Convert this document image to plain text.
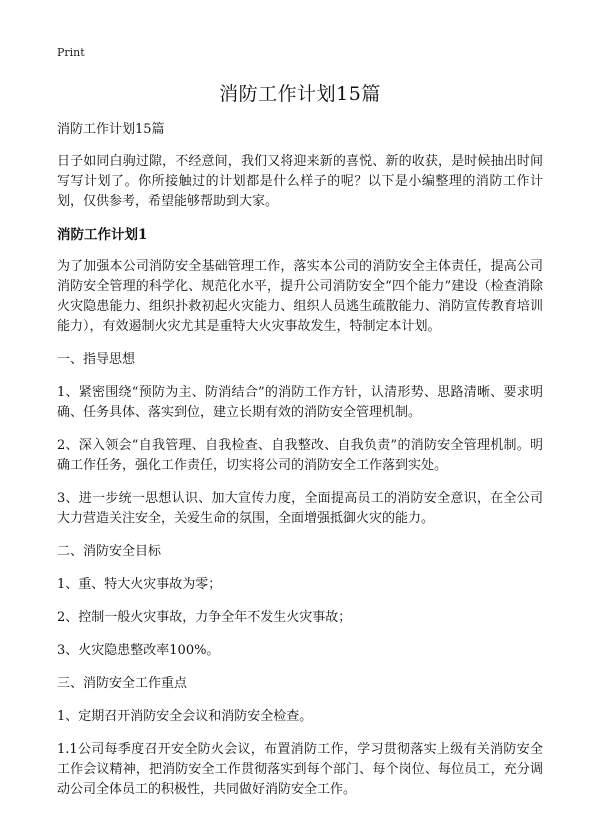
Print
消防工作计划15篇

消防工作计划15篇

日子如同白驹过隙，不经意间，我们又将迎来新的喜悦、新的收获，是时候抽出时间写写计划了。你所接触过的计划都是什么样子的呢？以下是小编整理的消防工作计划，仅供参考，希望能够帮助到大家。

消防工作计划1

为了加强本公司消防安全基础管理工作，落实本公司的消防安全主体责任，提高公司消防安全管理的科学化、规范化水平，提升公司消防安全“四个能力”建设（检查消除火灾隐患能力、组织扑救初起火灾能力、组织人员逃生疏散能力、消防宣传教育培训能力），有效遏制火灾尤其是重特大火灾事故发生，特制定本计划。

一、指导思想

1、紧密围绕“预防为主、防消结合”的消防工作方针，认清形势、思路清晰、要求明确、任务具体、落实到位，建立长期有效的消防安全管理机制。

2、深入领会“自我管理、自我检查、自我整改、自我负责”的消防安全管理机制。明确工作任务，强化工作责任，切实将公司的消防安全工作落到实处。

3、进一步统一思想认识、加大宣传力度，全面提高员工的消防安全意识，在全公司大力营造关注安全，关爱生命的氛围，全面增强抵御火灾的能力。

二、消防安全目标

1、重、特大火灾事故为零；

2、控制一般火灾事故，力争全年不发生火灾事故；

3、火灾隐患整改率100%。

三、消防安全工作重点

1、定期召开消防安全会议和消防安全检查。

1.1公司每季度召开安全防火会议，布置消防工作，学习贯彻落实上级有关消防安全工作会议精神，把消防安全工作贯彻落实到每个部门、每个岗位、每位员工，充分调动公司全体员工的积极性，共同做好消防安全工作。
